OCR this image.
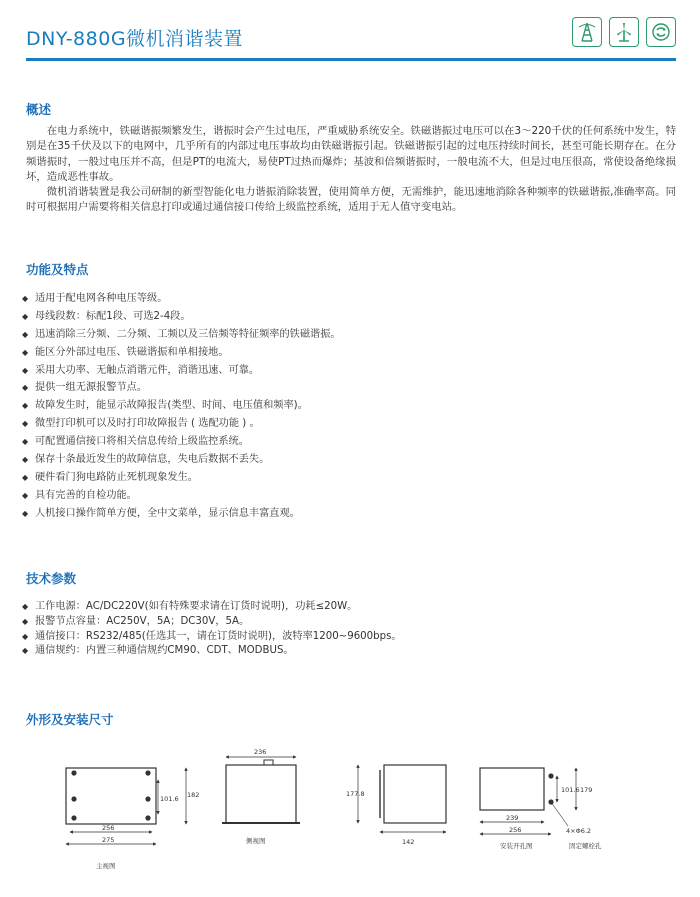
DNY-880G微机消谐装置
概述

在电力系统中，铁磁谐振频繁发生，谐振时会产生过电压，严重威胁系统安全。铁磁谐振过电压可以在3～220千伏的任何系统中发生，特别是在35千伏及以下的电网中，几乎所有的内部过电压事故均由铁磁谐振引起。铁磁谐振引起的过电压持续时间长，甚至可能长期存在。在分频谐振时，一般过电压并不高，但是PT的电流大，易使PT过热而爆炸；基波和倍频谐振时，一般电流不大，但是过电压很高，常使设备绝缘损坏，造成恶性事故。

微机消谐装置是我公司研制的新型智能化电力谐振消除装置，使用简单方便，无需维护，能迅速地消除各种频率的铁磁谐振,准确率高。同时可根据用户需要将相关信息打印或通过通信接口传给上级监控系统，适用于无人值守变电站。

功能及特点
◆ 适用于配电网各种电压等级。
◆ 母线段数：标配1段、可选2-4段。
◆ 迅速消除三分频、二分频、工频以及三倍频等特征频率的铁磁谐振。
◆ 能区分外部过电压、铁磁谐振和单相接地。
◆ 采用大功率、无触点消谐元件，消谐迅速、可靠。
◆ 提供一组无源报警节点。
◆ 故障发生时，能显示故障报告(类型、时间、电压值和频率)。
◆ 微型打印机可以及时打印故障报告 ( 选配功能 ) 。
◆ 可配置通信接口将相关信息传给上级监控系统。
◆ 保存十条最近发生的故障信息，失电后数据不丢失。
◆ 硬件看门狗电路防止死机现象发生。
◆ 具有完善的自检功能。
◆ 人机接口操作简单方便，全中文菜单，显示信息丰富直观。
技术参数
◆ 工作电源：AC/DC220V(如有特殊要求请在订货时说明)，功耗≤20W。
◆ 报警节点容量：AC250V，5A；DC30V，5A。
◆ 通信接口：RS232/485(任选其一，请在订货时说明)，波特率1200~9600bps。
◆ 通信规约：内置三种通信规约CM90、CDT、MODBUS。
外形及安装尺寸
101.6 182
256
275
主视图
236
侧视图
177.8
142
101.6 179
239
256	4×Φ6.2
安装开孔图	固定螺栓孔
